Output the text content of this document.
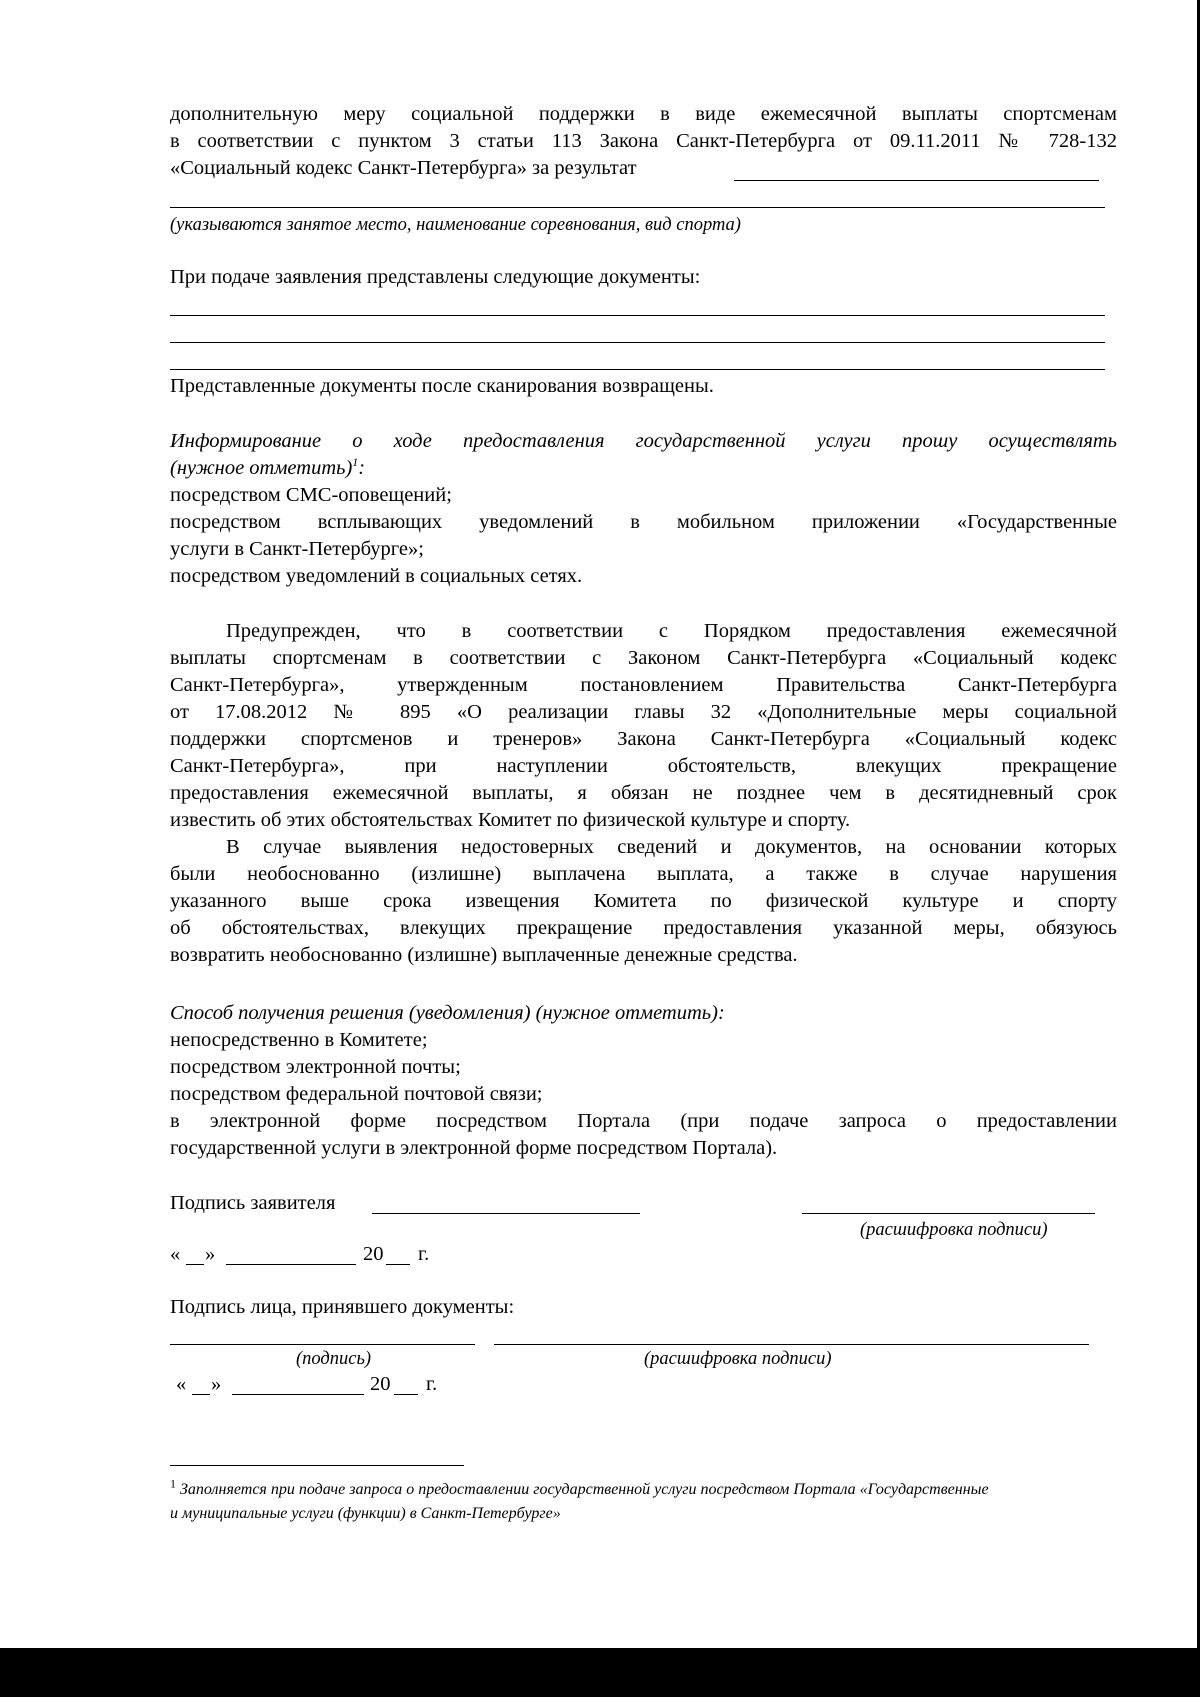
дополнительную меру социальной поддержки в виде ежемесячной выплаты спортсменам
в соответствии с пунктом 3 статьи 113 Закона Санкт-Петербурга от 09.11.2011 № 728-132
«Социальный кодекс Санкт-Петербурга» за результат
(указываются занятое место, наименование соревнования, вид спорта)
При подаче заявления представлены следующие документы:
Представленные документы после сканирования возвращены.
Информирование о ходе предоставления государственной услуги прошу осуществлять
(нужное отметить)$^1$:
посредством СМС-оповещений;
посредством всплывающих уведомлений в мобильном приложении «Государственные
услуги в Санкт-Петербурге»;
посредством уведомлений в социальных сетях.
Предупрежден, что в соответствии с Порядком предоставления ежемесячной
выплаты спортсменам в соответствии с Законом Санкт-Петербурга «Социальный кодекс
Санкт-Петербурга», утвержденным постановлением Правительства Санкт-Петербурга
от 17.08.2012 № 895 «О реализации главы 32 «Дополнительные меры социальной
поддержки спортсменов и тренеров» Закона Санкт-Петербурга «Социальный кодекс
Санкт-Петербурга», при наступлении обстоятельств, влекущих прекращение
предоставления ежемесячной выплаты, я обязан не позднее чем в десятидневный срок
известить об этих обстоятельствах Комитет по физической культуре и спорту.
В случае выявления недостоверных сведений и документов, на основании которых
были необоснованно (излишне) выплачена выплата, а также в случае нарушения
указанного выше срока извещения Комитета по физической культуре и спорту
об обстоятельствах, влекущих прекращение предоставления указанной меры, обязуюсь
возвратить необоснованно (излишне) выплаченные денежные средства.
Способ получения решения (уведомления) (нужное отметить):
непосредственно в Комитете;
посредством электронной почты;
посредством федеральной почтовой связи;
в электронной форме посредством Портала (при подаче запроса о предоставлении
государственной услуги в электронной форме посредством Портала).
Подпись заявителя
(расшифровка подписи)
«	»	20	г.
Подпись лица, принявшего документы:
(подпись)	(расшифровка подписи)
«	»	20	г.
$^1$ Заполняется при подаче запроса о предоставлении государственной услуги посредством Портала «Государственные
и муниципальные услуги (функции) в Санкт-Петербурге»
